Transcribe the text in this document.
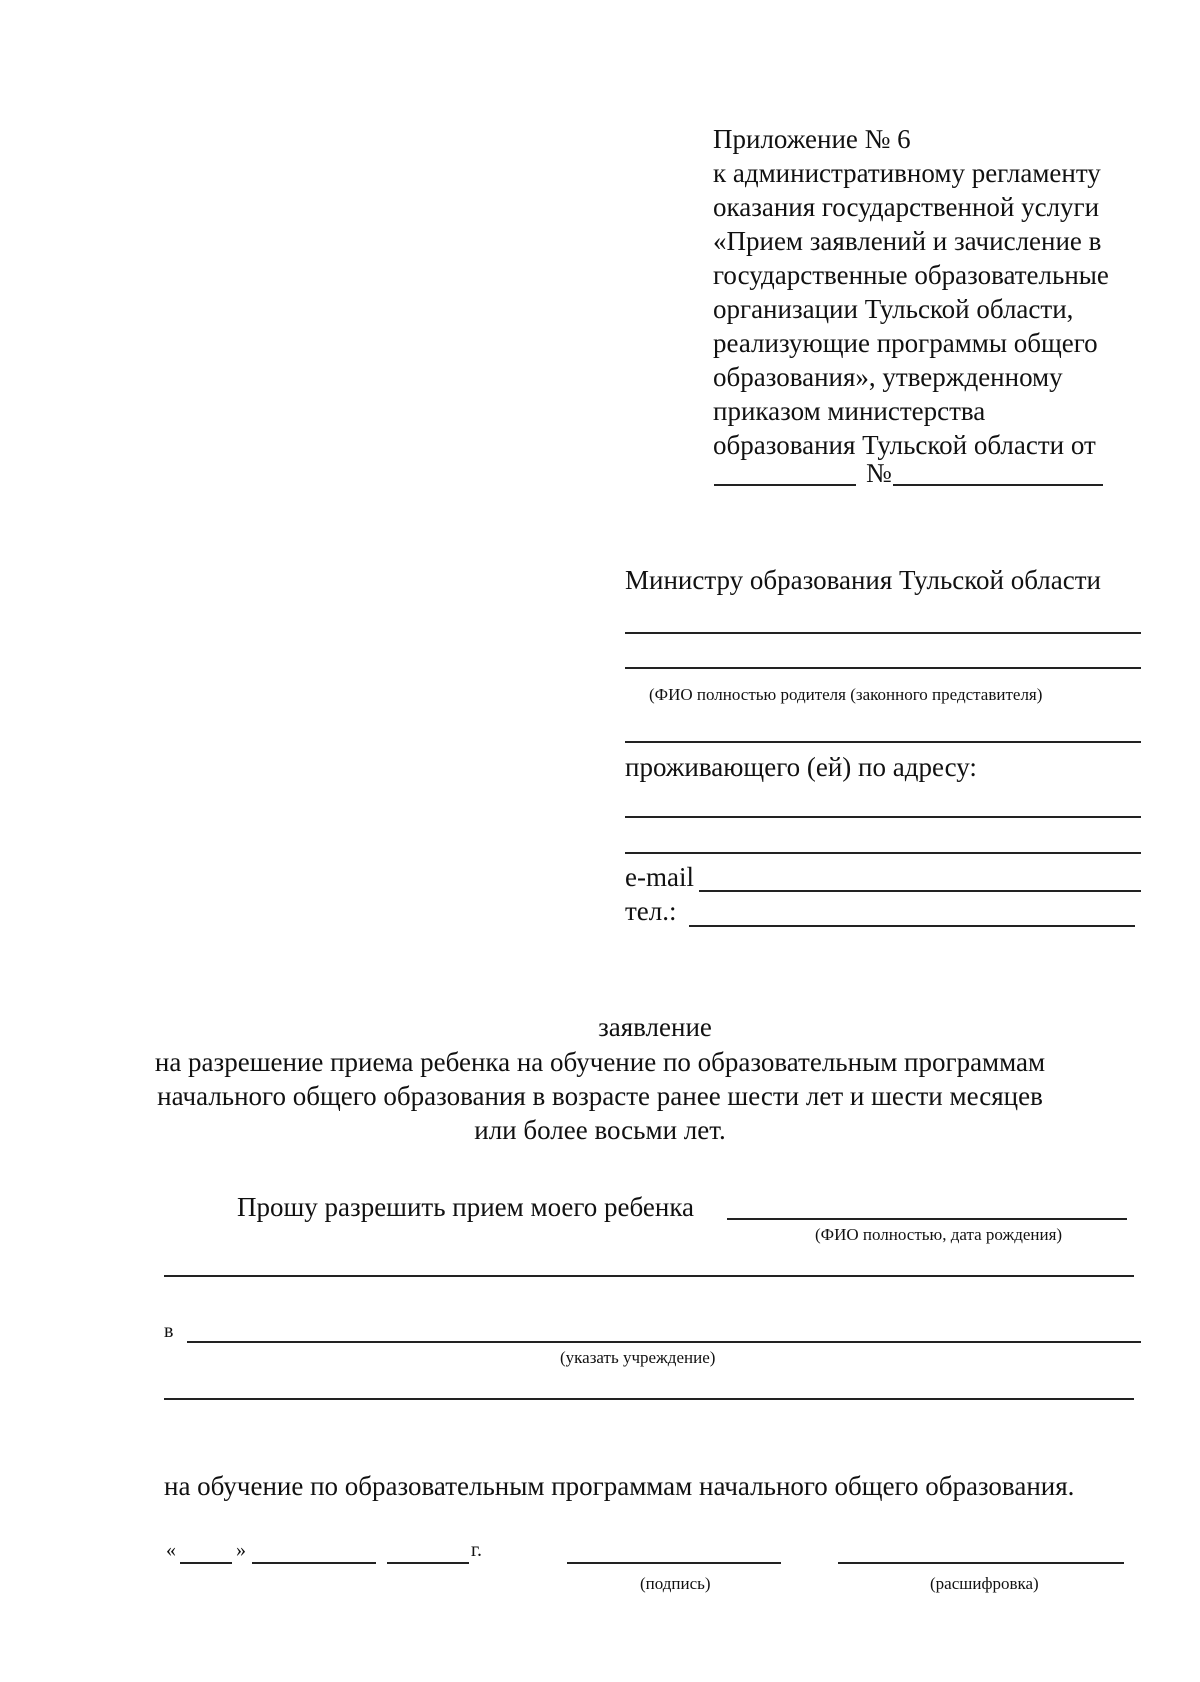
Приложение № 6
к административному регламенту
оказания государственной услуги
«Прием заявлений и зачисление в
государственные образовательные
организации Тульской области,
реализующие программы общего
образования», утвержденному
приказом министерства
образования Тульской области от
№
Министру образования Тульской области
(ФИО полностью родителя (законного представителя)
проживающего (ей) по адресу:
e-mail
тел.:
заявление
на разрешение приема ребенка на обучение по образовательным программам
начального общего образования в возрасте ранее шести лет и шести месяцев
или более восьми лет.
Прошу разрешить прием моего ребенка
(ФИО полностью, дата рождения)
в
(указать учреждение)
на обучение по образовательным программам начального общего образования.
«	»	г.
(подпись)	(расшифровка)
